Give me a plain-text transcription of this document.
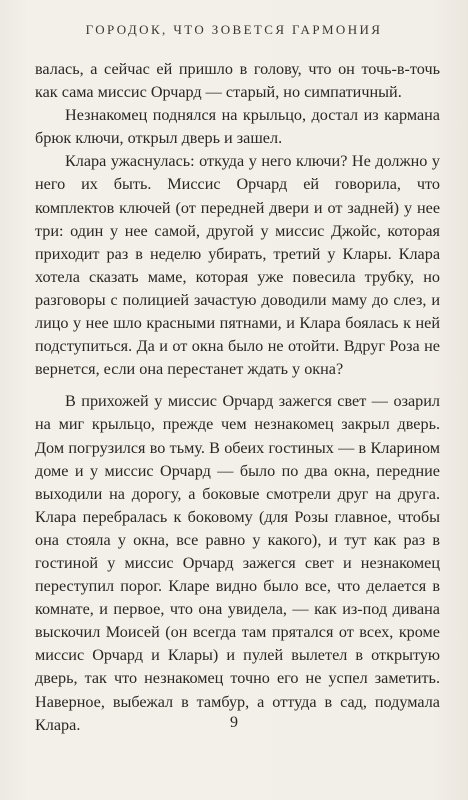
ГОРОДОК, ЧТО ЗОВЕТСЯ ГАРМОНИЯ

валась, а сейчас ей пришло в голову, что он точь-в-точь как сама миссис Орчард — старый, но симпатичный.

Незнакомец поднялся на крыльцо, достал из кармана брюк ключи, открыл дверь и зашел.

Клара ужаснулась: откуда у него ключи? Не должно у него их быть. Миссис Орчард ей говорила, что комплектов ключей (от передней двери и от задней) у нее три: один у нее самой, другой у миссис Джойс, которая приходит раз в неделю убирать, третий у Клары. Клара хотела сказать маме, которая уже повесила трубку, но разговоры с полицией зачастую доводили маму до слез, и лицо у нее шло красными пятнами, и Клара боялась к ней подступиться. Да и от окна было не отойти. Вдруг Роза не вернется, если она перестанет ждать у окна?

В прихожей у миссис Орчард зажегся свет — озарил на миг крыльцо, прежде чем незнакомец закрыл дверь. Дом погрузился во тьму. В обеих гостиных — в Кларином доме и у миссис Орчард — было по два окна, передние выходили на дорогу, а боковые смотрели друг на друга. Клара перебралась к боковому (для Розы главное, чтобы она стояла у окна, все равно у какого), и тут как раз в гостиной у миссис Орчард зажегся свет и незнакомец переступил порог. Кларе видно было все, что делается в комнате, и первое, что она увидела, — как из-под дивана выскочил Моисей (он всегда там прятался от всех, кроме миссис Орчард и Клары) и пулей вылетел в открытую дверь, так что незнакомец точно его не успел заметить. Наверное, выбежал в тамбур, а оттуда в сад, подумала Клара.	9
